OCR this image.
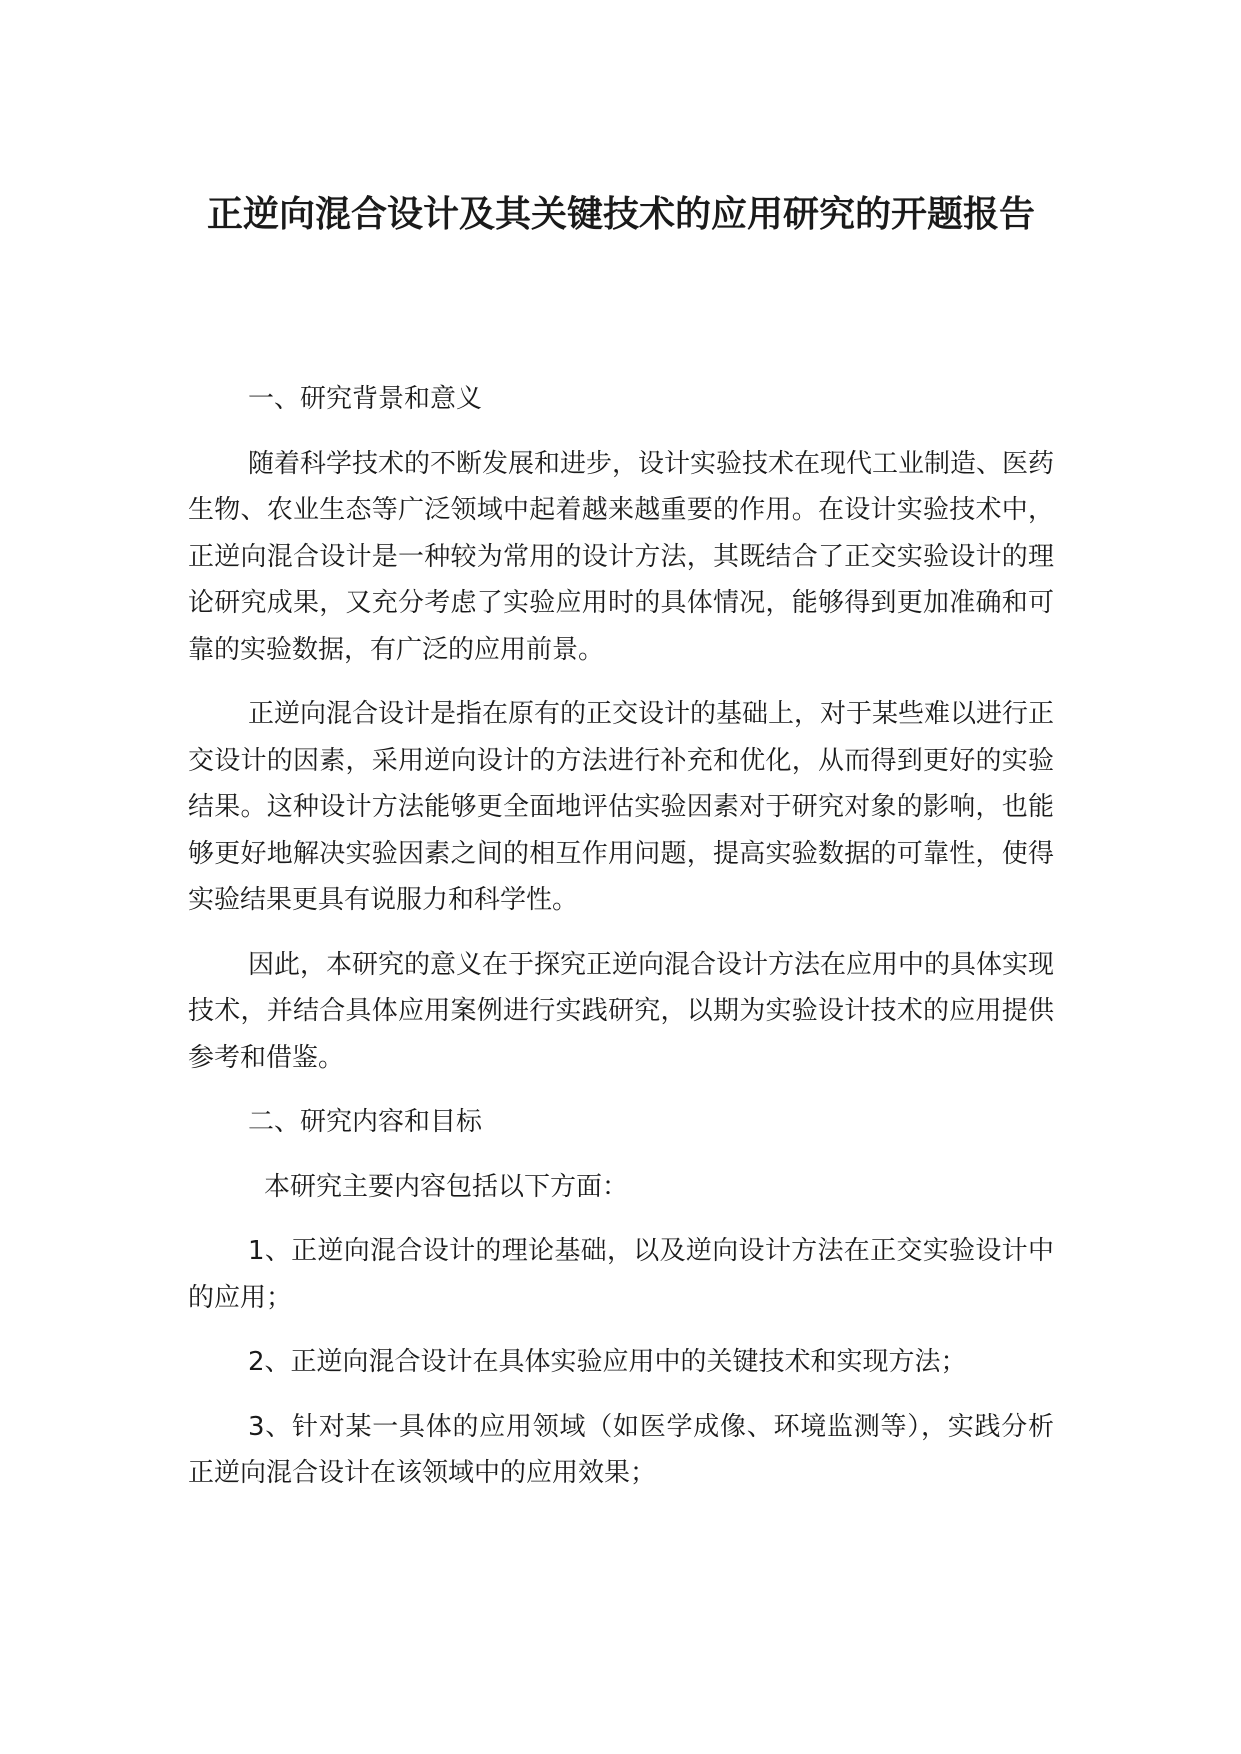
正逆向混合设计及其关键技术的应用研究的开题报告

一、研究背景和意义

随着科学技术的不断发展和进步，设计实验技术在现代工业制造、医药生物、农业生态等广泛领域中起着越来越重要的作用。在设计实验技术中，正逆向混合设计是一种较为常用的设计方法，其既结合了正交实验设计的理论研究成果，又充分考虑了实验应用时的具体情况，能够得到更加准确和可靠的实验数据，有广泛的应用前景。

正逆向混合设计是指在原有的正交设计的基础上，对于某些难以进行正交设计的因素，采用逆向设计的方法进行补充和优化，从而得到更好的实验结果。这种设计方法能够更全面地评估实验因素对于研究对象的影响，也能够更好地解决实验因素之间的相互作用问题，提高实验数据的可靠性，使得实验结果更具有说服力和科学性。

因此，本研究的意义在于探究正逆向混合设计方法在应用中的具体实现技术，并结合具体应用案例进行实践研究，以期为实验设计技术的应用提供参考和借鉴。

二、研究内容和目标

本研究主要内容包括以下方面：

1、正逆向混合设计的理论基础，以及逆向设计方法在正交实验设计中的应用；

2、正逆向混合设计在具体实验应用中的关键技术和实现方法；

3、针对某一具体的应用领域（如医学成像、环境监测等），实践分析正逆向混合设计在该领域中的应用效果；
